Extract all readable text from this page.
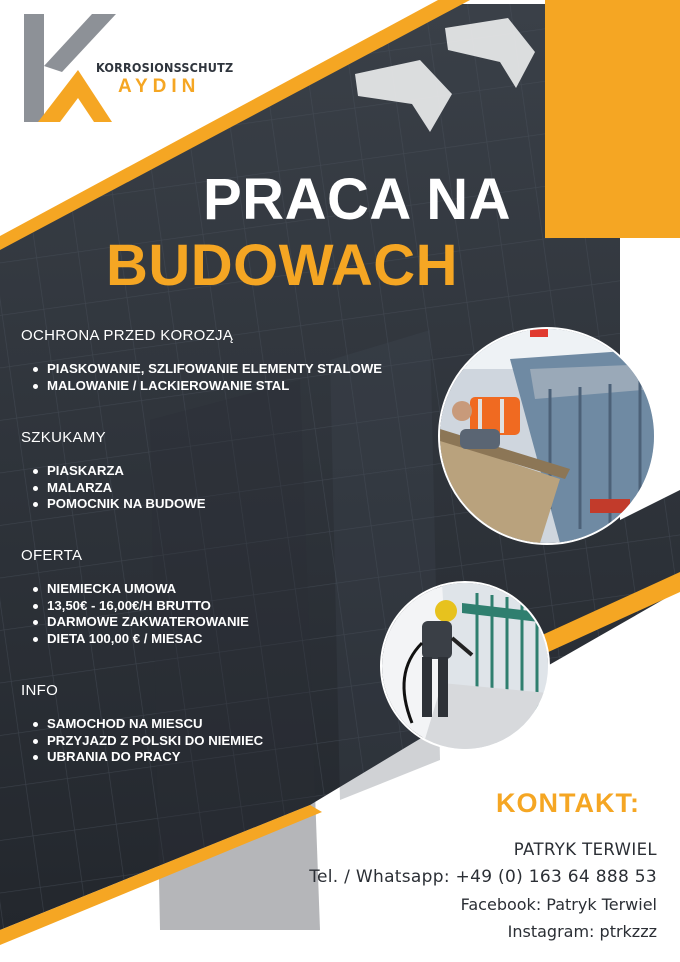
KORROSIONSSCHUTZ
AYDIN
PRACA NA
BUDOWACH
OCHRONA PRZED KOROZJĄ
PIASKOWANIE, SZLIFOWANIE ELEMENTY STALOWE
MALOWANIE / LACKIEROWANIE STAL
SZKUKAMY
PIASKARZA
MALARZA
POMOCNIK NA BUDOWE
OFERTA
NIEMIECKA UMOWA
13,50€ - 16,00€/H BRUTTO
DARMOWE ZAKWATEROWANIE
DIETA 100,00 € / MIESAC
INFO
SAMOCHOD NA MIESCU
PRZYJAZD Z POLSKI DO NIEMIEC
UBRANIA DO PRACY
KONTAKT:
PATRYK TERWIEL
Tel. / Whatsapp: +49 (0) 163 64 888 53
Facebook: Patryk Terwiel
Instagram: ptrkzzz
